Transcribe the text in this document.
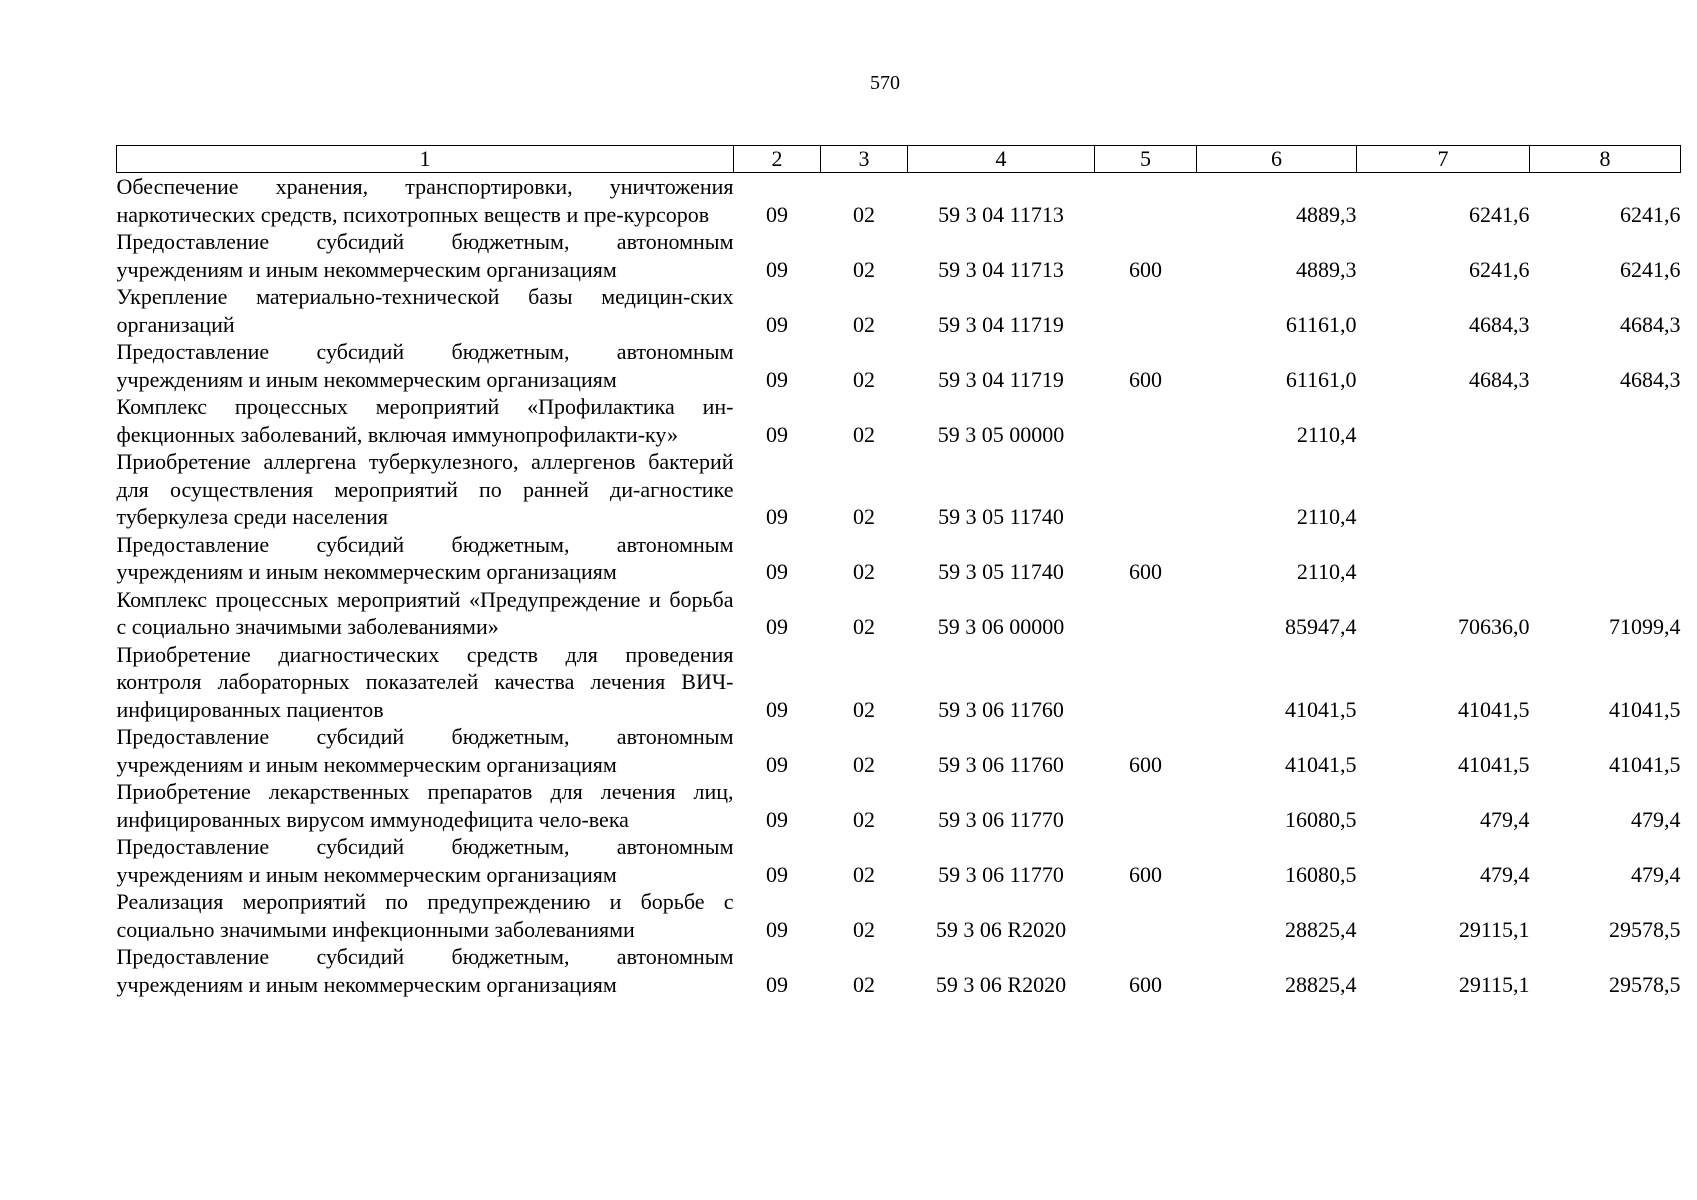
570
1	2	3	4	5	6	7	8
Обеспечение хранения, транспортировки, уничтожения наркотических средств, психотропных веществ и пре-курсоров	09	02	59 3 04 11713		4889,3	6241,6	6241,6
Предоставление субсидий бюджетным, автономным учреждениям и иным некоммерческим организациям	09	02	59 3 04 11713	600	4889,3	6241,6	6241,6
Укрепление материально-технической базы медицин-ских организаций	09	02	59 3 04 11719		61161,0	4684,3	4684,3
Предоставление субсидий бюджетным, автономным учреждениям и иным некоммерческим организациям	09	02	59 3 04 11719	600	61161,0	4684,3	4684,3
Комплекс процессных мероприятий «Профилактика ин-фекционных заболеваний, включая иммунопрофилакти-ку»	09	02	59 3 05 00000		2110,4		
Приобретение аллергена туберкулезного, аллергенов бактерий для осуществления мероприятий по ранней ди-агностике туберкулеза среди населения	09	02	59 3 05 11740		2110,4		
Предоставление субсидий бюджетным, автономным учреждениям и иным некоммерческим организациям	09	02	59 3 05 11740	600	2110,4		
Комплекс процессных мероприятий «Предупреждение и борьба с социально значимыми заболеваниями»	09	02	59 3 06 00000		85947,4	70636,0	71099,4
Приобретение диагностических средств для проведения контроля лабораторных показателей качества лечения ВИЧ-инфицированных пациентов	09	02	59 3 06 11760		41041,5	41041,5	41041,5
Предоставление субсидий бюджетным, автономным учреждениям и иным некоммерческим организациям	09	02	59 3 06 11760	600	41041,5	41041,5	41041,5
Приобретение лекарственных препаратов для лечения лиц, инфицированных вирусом иммунодефицита чело-века	09	02	59 3 06 11770		16080,5	479,4	479,4
Предоставление субсидий бюджетным, автономным учреждениям и иным некоммерческим организациям	09	02	59 3 06 11770	600	16080,5	479,4	479,4
Реализация мероприятий по предупреждению и борьбе с социально значимыми инфекционными заболеваниями	09	02	59 3 06 R2020		28825,4	29115,1	29578,5
Предоставление субсидий бюджетным, автономным учреждениям и иным некоммерческим организациям	09	02	59 3 06 R2020	600	28825,4	29115,1	29578,5
